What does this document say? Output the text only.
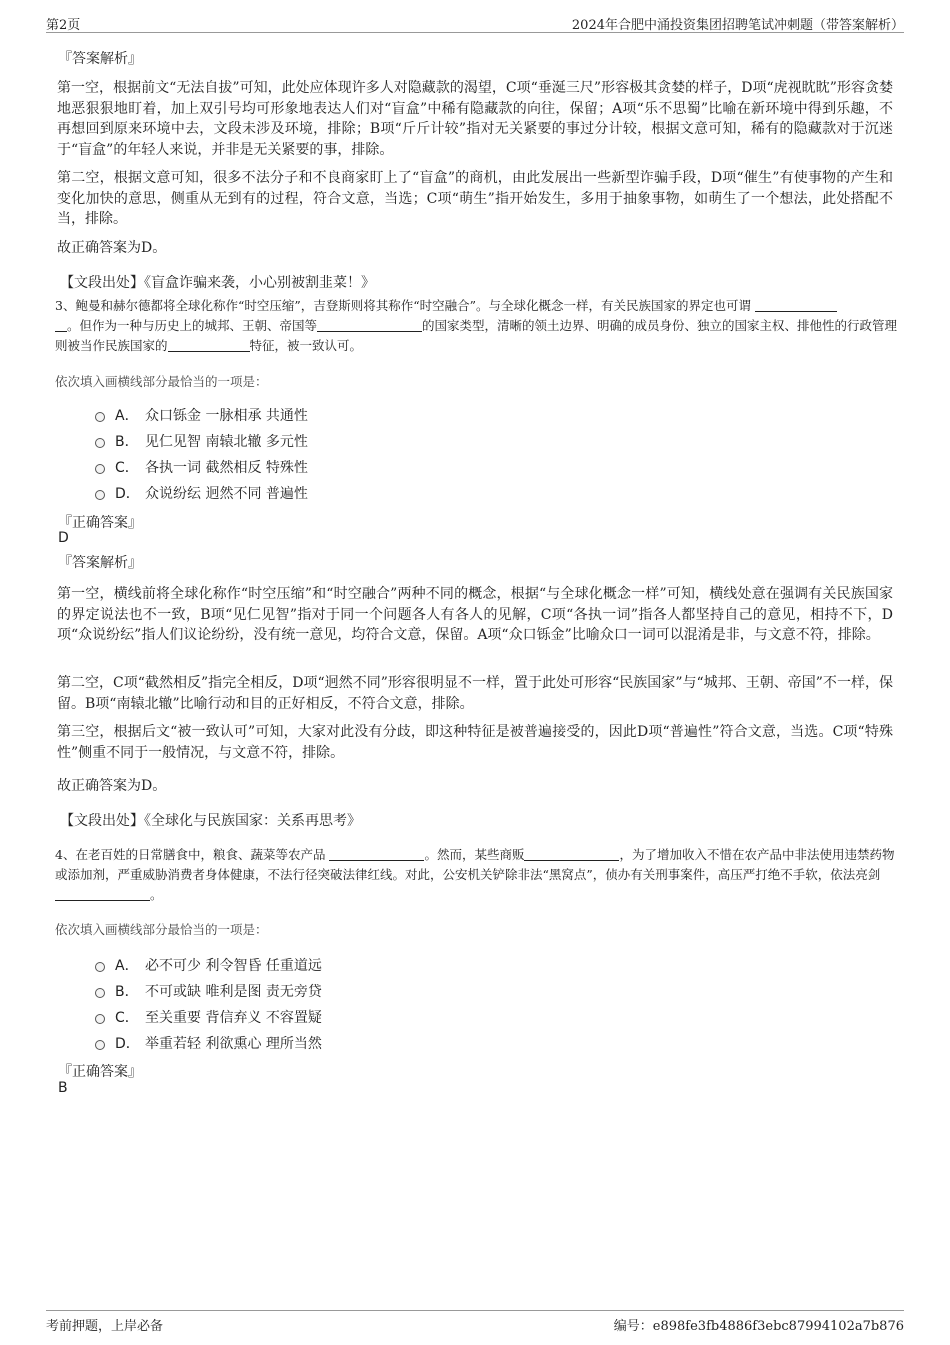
第2页	2024年合肥中涌投资集团招聘笔试冲刺题（带答案解析）
『答案解析』

第一空，根据前文“无法自拔”可知，此处应体现许多人对隐藏款的渴望，C项“垂涎三尺”形容极其贪婪的样子，D项“虎视眈眈”形容贪婪地恶狠狠地盯着，加上双引号均可形象地表达人们对“盲盒”中稀有隐藏款的向往，保留；A项“乐不思蜀”比喻在新环境中得到乐趣，不再想回到原来环境中去，文段未涉及环境，排除；B项“斤斤计较”指对无关紧要的事过分计较，根据文意可知，稀有的隐藏款对于沉迷于“盲盒”的年轻人来说，并非是无关紧要的事，排除。

第二空，根据文意可知，很多不法分子和不良商家盯上了“盲盒”的商机，由此发展出一些新型诈骗手段，D项“催生”有使事物的产生和变化加快的意思，侧重从无到有的过程，符合文意，当选；C项“萌生”指开始发生，多用于抽象事物，如萌生了一个想法，此处搭配不当，排除。

故正确答案为D。
【文段出处】《盲盒诈骗来袭，小心别被割韭菜！》

3、鲍曼和赫尔德都将全球化称作“时空压缩”，吉登斯则将其称作“时空融合”。与全球化概念一样，有关民族国家的界定也可谓
。但作为一种与历史上的城邦、王朝、帝国等	的国家类型，清晰的领土边界、明确的成员身份、独立的国家主权、排他性的行政管理则被当作民族国家的	特征，被一致认可。

依次填入画横线部分最恰当的一项是：
A． 众口铄金 一脉相承 共通性
B． 见仁见智 南辕北辙 多元性
C． 各执一词 截然相反 特殊性
D． 众说纷纭 迥然不同 普遍性
『正确答案』
D
『答案解析』

第一空，横线前将全球化称作“时空压缩”和“时空融合”两种不同的概念，根据“与全球化概念一样”可知，横线处意在强调有关民族国家的界定说法也不一致，B项“见仁见智”指对于同一个问题各人有各人的见解，C项“各执一词”指各人都坚持自己的意见，相持不下，D项“众说纷纭”指人们议论纷纷，没有统一意见，均符合文意，保留。A项“众口铄金”比喻众口一词可以混淆是非，与文意不符，排除。

第二空，C项“截然相反”指完全相反，D项“迥然不同”形容很明显不一样，置于此处可形容“民族国家”与“城邦、王朝、帝国”不一样，保留。B项“南辕北辙”比喻行动和目的正好相反，不符合文意，排除。

第三空，根据后文“被一致认可”可知，大家对此没有分歧，即这种特征是被普遍接受的，因此D项“普遍性”符合文意，当选。C项“特殊性”侧重不同于一般情况，与文意不符，排除。

故正确答案为D。
【文段出处】《全球化与民族国家：关系再思考》

4、在老百姓的日常膳食中，粮食、蔬菜等农产品	。然而，某些商贩	，为了增加收入不惜在农产品中非法使用违禁药物或添加剂，严重威胁消费者身体健康，不法行径突破法律红线。对此，公安机关铲除非法“黑窝点”，侦办有关刑事案件，高压严打绝不手软，依法亮剑。

依次填入画横线部分最恰当的一项是：
A． 必不可少 利令智昏 任重道远
B． 不可或缺 唯利是图 责无旁贷
C． 至关重要 背信弃义 不容置疑
D． 举重若轻 利欲熏心 理所当然
『正确答案』
B
考前押题，上岸必备	编号：e898fe3fb4886f3ebc87994102a7b876
